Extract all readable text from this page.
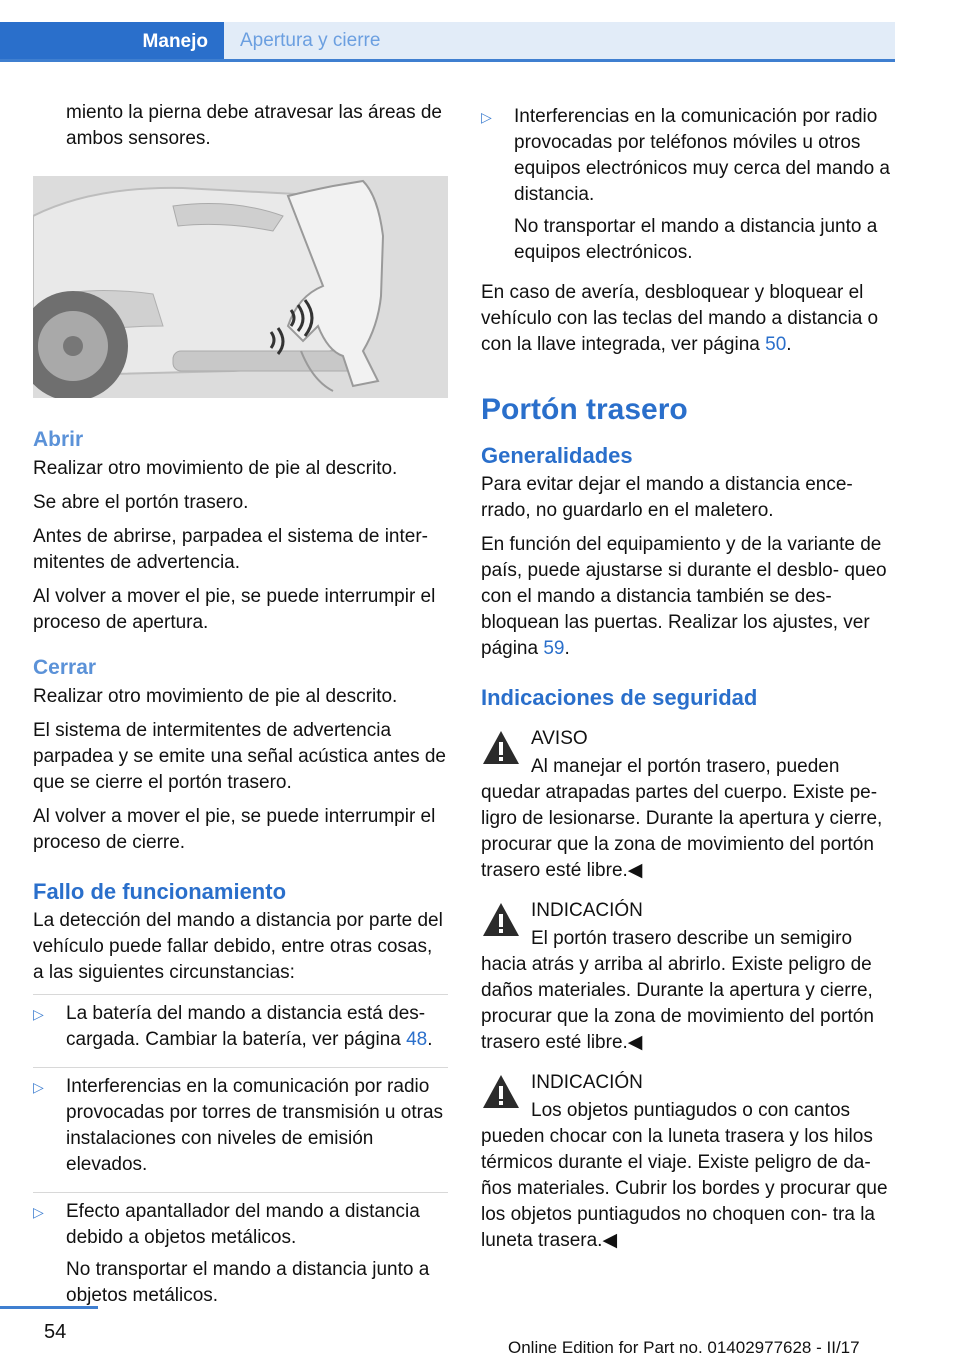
Manejo Apertura y cierre

miento la pierna debe atravesar las áreas de ambos sensores.

Abrir

Realizar otro movimiento de pie al descrito.

Se abre el portón trasero.

Antes de abrirse, parpadea el sistema de inter‐ mitentes de advertencia.

Al volver a mover el pie, se puede interrumpir el proceso de apertura.

Cerrar

Realizar otro movimiento de pie al descrito.

El sistema de intermitentes de advertencia parpadea y se emite una señal acústica antes de que se cierre el portón trasero.

Al volver a mover el pie, se puede interrumpir el proceso de cierre.

Fallo de funcionamiento

La detección del mando a distancia por parte del vehículo puede fallar debido, entre otras cosas, a las siguientes circunstancias:

▷	La batería del mando a distancia está des‐ cargada. Cambiar la batería, ver página 48.

▷	Interferencias en la comunicación por radio provocadas por torres de transmisión u otras instalaciones con niveles de emisión elevados.

▷	Efecto apantallador del mando a distancia debido a objetos metálicos.

No transportar el mando a distancia junto a objetos metálicos.

▷	Interferencias en la comunicación por radio provocadas por teléfonos móviles u otros equipos electrónicos muy cerca del mando a distancia.

No transportar el mando a distancia junto a equipos electrónicos.

En caso de avería, desbloquear y bloquear el vehículo con las teclas del mando a distancia o con la llave integrada, ver página 50.

Portón trasero
Generalidades

Para evitar dejar el mando a distancia ence‐ rrado, no guardarlo en el maletero.

En función del equipamiento y de la variante de país, puede ajustarse si durante el desblo‐ queo con el mando a distancia también se des‐ bloquean las puertas. Realizar los ajustes, ver página 59.

Indicaciones de seguridad
AVISO

Al manejar el portón trasero, pueden quedar atrapadas partes del cuerpo. Existe pe‐ ligro de lesionarse. Durante la apertura y cierre, procurar que la zona de movimiento del portón trasero esté libre.◀

INDICACIÓN

El portón trasero describe un semigiro hacia atrás y arriba al abrirlo. Existe peligro de daños materiales. Durante la apertura y cierre, procurar que la zona de movimiento del portón trasero esté libre.◀

INDICACIÓN

Los objetos puntiagudos o con cantos pueden chocar con la luneta trasera y los hilos térmicos durante el viaje. Existe peligro de da‐ ños materiales. Cubrir los bordes y procurar que los objetos puntiagudos no choquen con‐ tra la luneta trasera.◀

54
Online Edition for Part no. 01402977628 - II/17
